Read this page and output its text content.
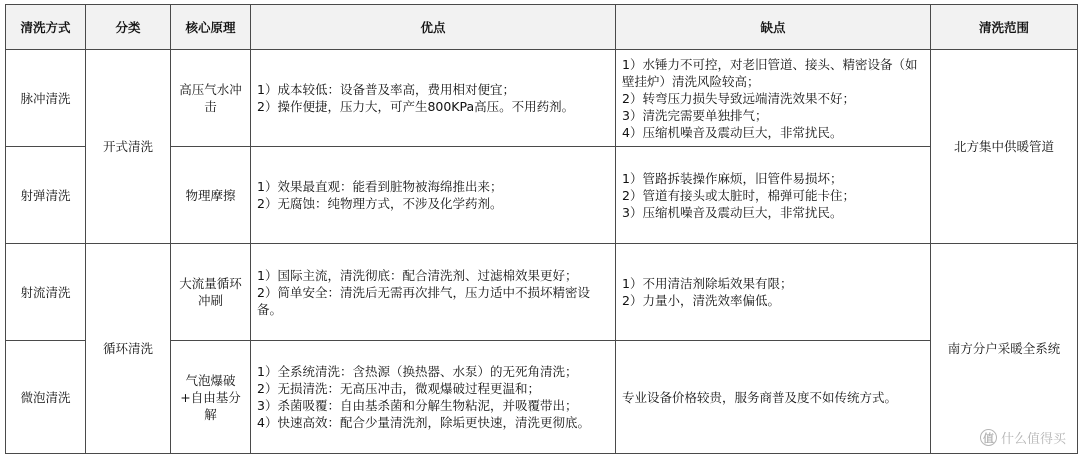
清洗方式	分类	核心原理	优点	缺点	清洗范围
脉冲清洗	开式清洗	高压气水冲击	1）成本较低：设备普及率高，费用相对便宜；
2）操作便捷，压力大，可产生800KPa高压。不用药剂。	1）水锤力不可控，对老旧管道、接头、精密设备（如壁挂炉）清洗风险较高；
2）转弯压力损失导致远端清洗效果不好；
3）清洗完需要单独排气；
4）压缩机噪音及震动巨大，非常扰民。	北方集中供暖管道
射弹清洗		物理摩擦	1）效果最直观：能看到脏物被海绵推出来；
2）无腐蚀：纯物理方式，不涉及化学药剂。	1）管路拆装操作麻烦，旧管件易损坏；
2）管道有接头或太脏时，棉弹可能卡住；
3）压缩机噪音及震动巨大，非常扰民。	

射流清洗	循环清洗	大流量循环冲刷	1）国际主流，清洗彻底：配合清洗剂、过滤棉效果更好；
2）简单安全：清洗后无需再次排气，压力适中不损坏精密设备。	1）不用清洁剂除垢效果有限；
2）力量小，清洗效率偏低。	南方分户采暖全系统
微泡清洗		气泡爆破+自由基分解	1）全系统清洗：含热源（换热器、水泵）的无死角清洗；
2）无损清洗：无高压冲击，微观爆破过程更温和；
3）杀菌吸覆：自由基杀菌和分解生物粘泥，并吸覆带出；
4）快速高效：配合少量清洗剂，除垢更快速，清洗更彻底。	专业设备价格较贵，服务商普及度不如传统方式。	
值 什么值得买
